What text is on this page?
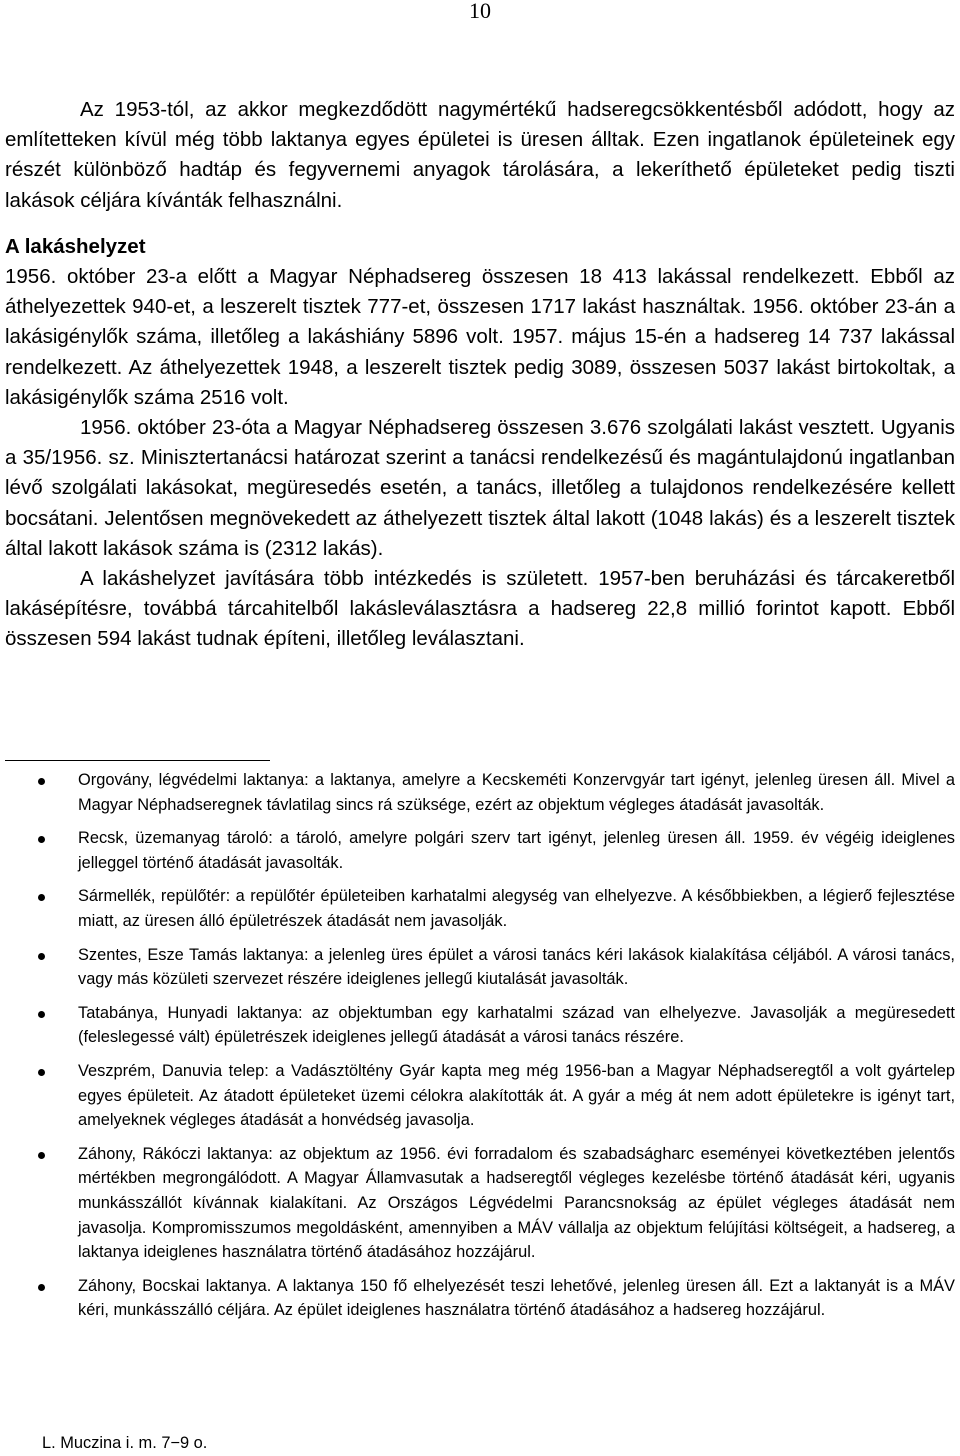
10

Az 1953-tól, az akkor megkezdődött nagymértékű hadseregcsökkentésből adódott, hogy az említetteken kívül még több laktanya egyes épületei is üresen álltak. Ezen ingatlanok épületeinek egy részét különböző hadtáp és fegyvernemi anyagok tárolására, a lekeríthető épületeket pedig tiszti lakások céljára kívánták felhasználni.

A lakáshelyzet

1956. október 23-a előtt a Magyar Néphadsereg összesen 18 413 lakással rendelkezett. Ebből az áthelyezettek 940-et, a leszerelt tisztek 777-et, összesen 1717 lakást használtak. 1956. október 23-án a lakásigénylők száma, illetőleg a lakáshiány 5896 volt. 1957. május 15-én a hadsereg 14 737 lakással rendelkezett. Az áthelyezettek 1948, a leszerelt tisztek pedig 3089, összesen 5037 lakást birtokoltak, a lakásigénylők száma 2516 volt.

1956. október 23-óta a Magyar Néphadsereg összesen 3.676 szolgálati lakást vesztett. Ugyanis a 35/1956. sz. Minisztertanácsi határozat szerint a tanácsi rendelkezésű és magántulajdonú ingatlanban lévő szolgálati lakásokat, megüresedés esetén, a tanács, illetőleg a tulajdonos rendelkezésére kellett bocsátani. Jelentősen megnövekedett az áthelyezett tisztek által lakott (1048 lakás) és a leszerelt tisztek által lakott lakások száma is (2312 lakás).

A lakáshelyzet javítására több intézkedés is született. 1957-ben beruházási és tárcakeretből lakásépítésre, továbbá tárcahitelből lakásleválasztásra a hadsereg 22,8 millió forintot kapott. Ebből összesen 594 lakást tudnak építeni, illetőleg leválasztani.

Orgovány, légvédelmi laktanya: a laktanya, amelyre a Kecskeméti Konzervgyár tart igényt, jelenleg üresen áll. Mivel a Magyar Néphadseregnek távlatilag sincs rá szüksége, ezért az objektum végleges átadását javasolták.
Recsk, üzemanyag tároló: a tároló, amelyre polgári szerv tart igényt, jelenleg üresen áll. 1959. év végéig ideiglenes jelleggel történő átadását javasolták.
Sármellék, repülőtér: a repülőtér épületeiben karhatalmi alegység van elhelyezve. A későbbiekben, a légierő fejlesztése miatt, az üresen álló épületrészek átadását nem javasolják.
Szentes, Esze Tamás laktanya: a jelenleg üres épület a városi tanács kéri lakások kialakítása céljából. A városi tanács, vagy más közületi szervezet részére ideiglenes jellegű kiutalását javasolták.
Tatabánya, Hunyadi laktanya: az objektumban egy karhatalmi század van elhelyezve. Javasolják a megüresedett (feleslegessé vált) épületrészek ideiglenes jellegű átadását a városi tanács részére.
Veszprém, Danuvia telep: a Vadásztöltény Gyár kapta meg még 1956-ban a Magyar Néphadseregtől a volt gyártelep egyes épületeit. Az átadott épületeket üzemi célokra alakították át. A gyár a még át nem adott épületekre is igényt tart, amelyeknek végleges átadását a honvédség javasolja.
Záhony, Rákóczi laktanya: az objektum az 1956. évi forradalom és szabadságharc eseményei következtében jelentős mértékben megrongálódott. A Magyar Államvasutak a hadseregtől végleges kezelésbe történő átadását kéri, ugyanis munkásszállót kívánnak kialakítani. Az Országos Légvédelmi Parancsnokság az épület végleges átadását nem javasolja. Kompromisszumos megoldásként, amennyiben a MÁV vállalja az objektum felújítási költségeit, a hadsereg, a laktanya ideiglenes használatra történő átadásához hozzájárul.
Záhony, Bocskai laktanya. A laktanya 150 fő elhelyezését teszi lehetővé, jelenleg üresen áll. Ezt a laktanyát is a MÁV kéri, munkásszálló céljára. Az épület ideiglenes használatra történő átadásához a hadsereg hozzájárul.
L. Muczina i. m. 7−9 o.
